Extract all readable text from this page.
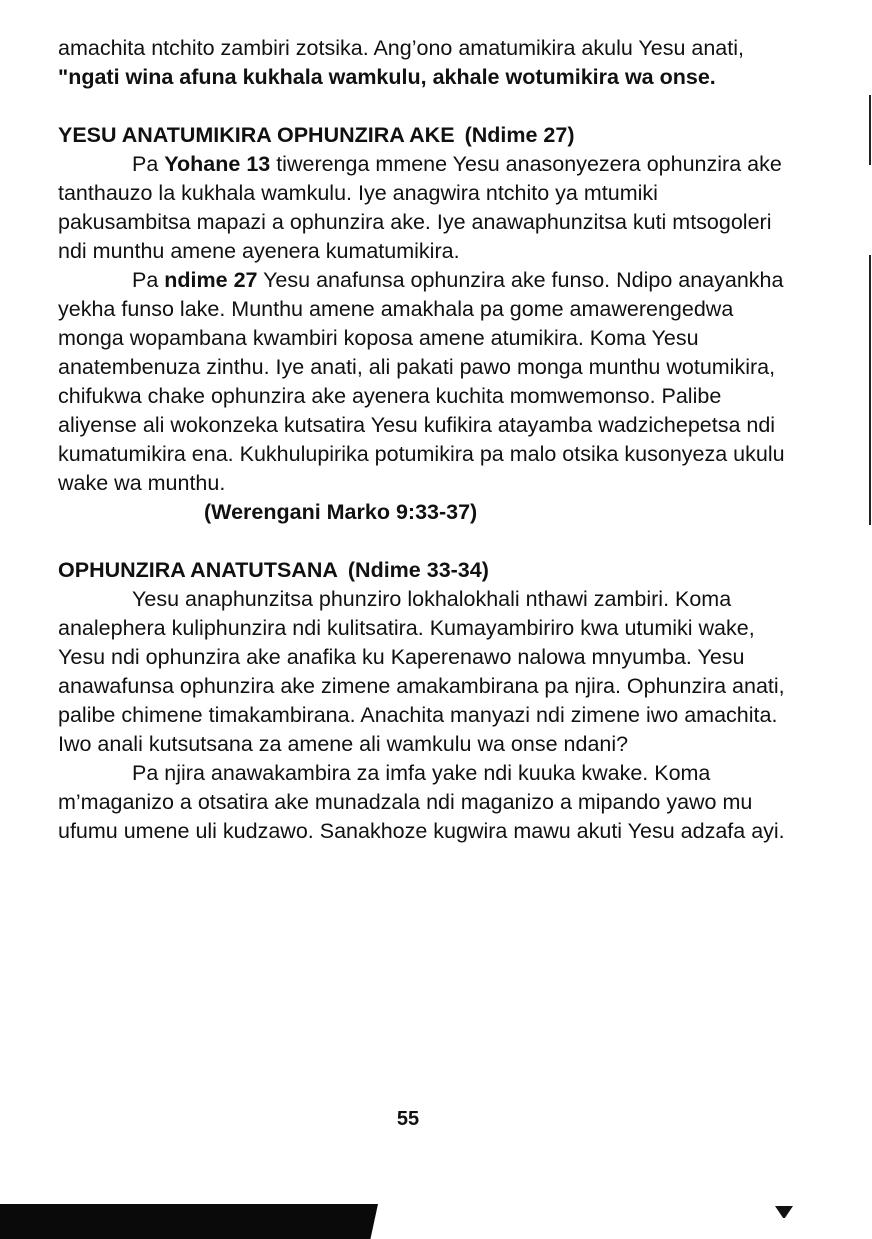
amachita ntchito zambiri zotsika. Ang’ono amatumikira akulu Yesu anati, "ngati wina afuna kukhala wamkulu, akhale wotumikira wa onse.

YESU ANATUMIKIRA OPHUNZIRA AKE (Ndime 27)

Pa Yohane 13 tiwerenga mmene Yesu anasonyezera ophunzira ake tanthauzo la kukhala wamkulu. Iye anagwira ntchito ya mtumiki pakusambitsa mapazi a ophunzira ake. Iye anawaphunzitsa kuti mtsogoleri ndi munthu amene ayenera kumatumikira.

Pa ndime 27 Yesu anafunsa ophunzira ake funso. Ndipo anayankha yekha funso lake. Munthu amene amakhala pa gome amawerengedwa monga wopambana kwambiri koposa amene atumikira. Koma Yesu anatembenuza zinthu. Iye anati, ali pakati pawo monga munthu wotumikira, chifukwa chake ophunzira ake ayenera kuchita momwemonso. Palibe aliyense ali wokonzeka kutsatira Yesu kufikira atayamba wadzichepetsa ndi kumatumikira ena. Kukhulupirika potumikira pa malo otsika kusonyeza ukulu wake wa munthu.

(Werengani Marko 9:33-37)

OPHUNZIRA ANATUTSANA (Ndime 33-34)

Yesu anaphunzitsa phunziro lokhalokhali nthawi zambiri. Koma analephera kuliphunzira ndi kulitsatira. Kumayambiriro kwa utumiki wake, Yesu ndi ophunzira ake anafika ku Kaperenawo nalowa mnyumba. Yesu anawafunsa ophunzira ake zimene amakambirana pa njira. Ophunzira anati, palibe chimene timakambirana. Anachita manyazi ndi zimene iwo amachita. Iwo anali kutsutsana za amene ali wamkulu wa onse ndani?

Pa njira anawakambira za imfa yake ndi kuuka kwake. Koma m’maganizo a otsatira ake munadzala ndi maganizo a mipando yawo mu ufumu umene uli kudzawo. Sanakhoze kugwira mawu akuti Yesu adzafa ayi.

55
